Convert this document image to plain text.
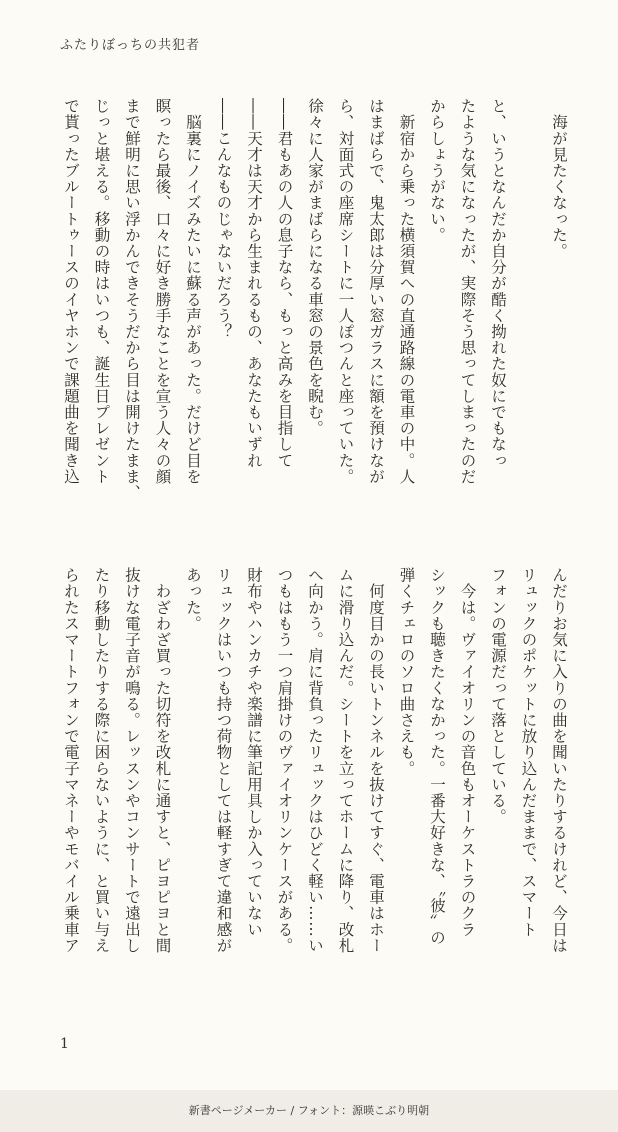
ふたりぼっちの共犯者
　海が見たくなった。

と、いうとなんだか自分が酷く拗れた奴にでもなっ
たような気になったが、実際そう思ってしまったのだ
からしょうがない。
　新宿から乗った横須賀への直通路線の電車の中。人
はまばらで、鬼太郎は分厚い窓ガラスに額を預けなが
ら、対面式の座席シートに一人ぽつんと座っていた。
徐々に人家がまばらになる車窓の景色を睨む。
――君もあの人の息子なら、もっと高みを目指して
――天才は天才から生まれるもの、あなたもいずれ
――こんなものじゃないだろう？
　脳裏にノイズみたいに蘇る声があった。だけど目を
瞑ったら最後、口々に好き勝手なことを宣う人々の顔
まで鮮明に思い浮かんできそうだから目は開けたまま、
じっと堪える。移動の時はいつも、誕生日プレゼント
で貰ったブルートゥースのイヤホンで課題曲を聞き込
んだりお気に入りの曲を聞いたりするけれど、今日は
リュックのポケットに放り込んだままで、スマート
フォンの電源だって落としている。
　今は。ヴァイオリンの音色もオーケストラのクラ
シックも聴きたくなかった。一番大好きな、〝彼〟の
弾くチェロのソロ曲さえも。
　何度目かの長いトンネルを抜けてすぐ、電車はホー
ムに滑り込んだ。シートを立ってホームに降り、改札
へ向かう。肩に背負ったリュックはひどく軽い……い
つもはもう一つ肩掛けのヴァイオリンケースがある。
財布やハンカチや楽譜に筆記用具しか入っていない
リュックはいつも持つ荷物としては軽すぎて違和感が
あった。
　わざわざ買った切符を改札に通すと、ピヨピヨと間
抜けな電子音が鳴る。レッスンやコンサートで遠出し
たり移動したりする際に困らないように、と買い与え
られたスマートフォンで電子マネーやモバイル乗車ア
1
新書ページメーカー / フォント：源暎こぶり明朝
